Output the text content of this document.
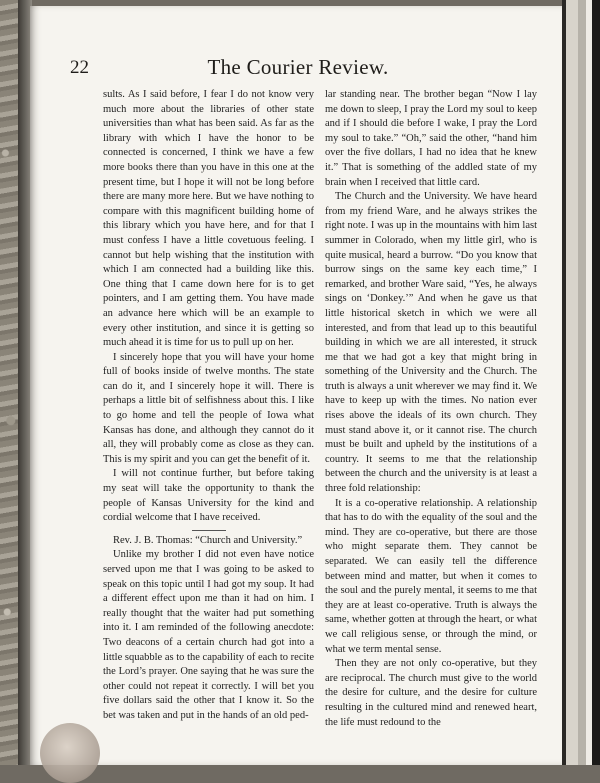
22	The Courier Review.

sults. As I said before, I fear I do not know very much more about the libraries of other state universities than what has been said. As far as the library with which I have the honor to be connected is concerned, I think we have a few more books there than you have in this one at the present time, but I hope it will not be long before there are many more here. But we have nothing to compare with this magnificent building home of this library which you have here, and for that I must confess I have a little covetuous feeling. I cannot but help wishing that the institution with which I am connected had a building like this. One thing that I came down here for is to get pointers, and I am getting them. You have made an advance here which will be an example to every other institution, and since it is getting so much ahead it is time for us to pull up on her.

I sincerely hope that you will have your home full of books inside of twelve months. The state can do it, and I sincerely hope it will. There is perhaps a little bit of selfishness about this. I like to go home and tell the people of Iowa what Kansas has done, and although they cannot do it all, they will probably come as close as they can. This is my spirit and you can get the benefit of it.

I will not continue further, but before taking my seat will take the opportunity to thank the people of Kansas University for the kind and cordial welcome that I have received.

Rev. J. B. Thomas: “Church and University.”

Unlike my brother I did not even have notice served upon me that I was going to be asked to speak on this topic until I had got my soup. It had a different effect upon me than it had on him. I really thought that the waiter had put something into it. I am reminded of the following anecdote: Two deacons of a certain church had got into a little squabble as to the capability of each to recite the Lord’s prayer. One saying that he was sure the other could not repeat it correctly. I will bet you five dollars said the other that I know it. So the bet was taken and put in the hands of an old ped-

lar standing near. The brother began “Now I lay me down to sleep, I pray the Lord my soul to keep and if I should die before I wake, I pray the Lord my soul to take.” “Oh,” said the other, “hand him over the five dollars, I had no idea that he knew it.” That is something of the addled state of my brain when I received that little card.

The Church and the University. We have heard from my friend Ware, and he always strikes the right note. I was up in the mountains with him last summer in Colorado, when my little girl, who is quite musical, heard a burrow. “Do you know that burrow sings on the same key each time,” I remarked, and brother Ware said, “Yes, he always sings on ‘Donkey.’” And when he gave us that little historical sketch in which we were all interested, and from that lead up to this beautiful building in which we are all interested, it struck me that we had got a key that might bring in something of the University and the Church. The truth is always a unit wherever we may find it. We have to keep up with the times. No nation ever rises above the ideals of its own church. They must stand above it, or it cannot rise. The church must be built and upheld by the institutions of a country. It seems to me that the relationship between the church and the university is at least a three fold relationship:

It is a co-operative relationship. A relationship that has to do with the equality of the soul and the mind. They are co-operative, but there are those who might separate them. They cannot be separated. We can easily tell the difference between mind and matter, but when it comes to the soul and the purely mental, it seems to me that they are at least co-operative. Truth is always the same, whether gotten at through the heart, or what we call religious sense, or through the mind, or what we term mental sense.

Then they are not only co-operative, but they are reciprocal. The church must give to the world the desire for culture, and the desire for culture resulting in the cultured mind and renewed heart, the life must redound to the
